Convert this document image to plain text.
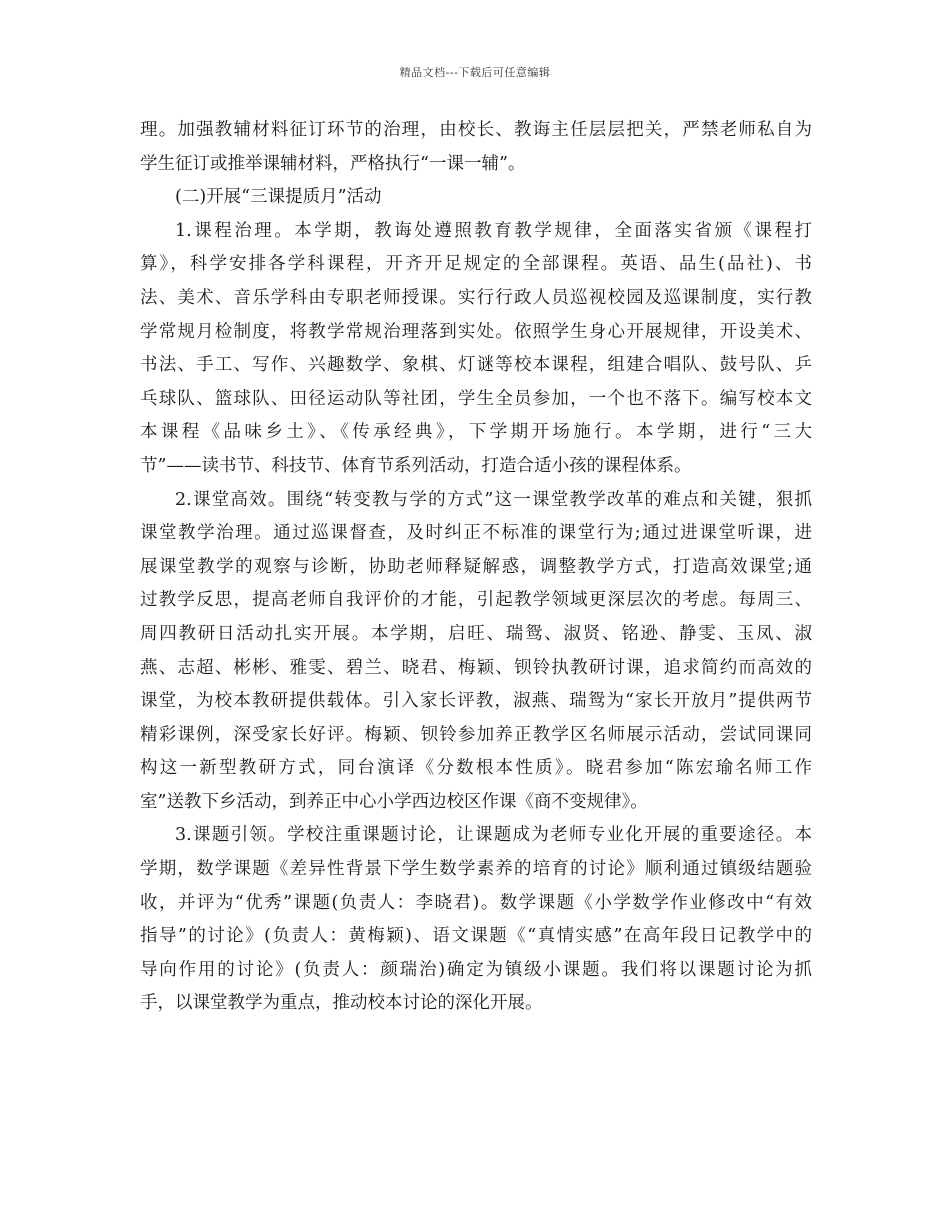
精品文档---下载后可任意编辑
理。加强教辅材料征订环节的治理，由校长、教诲主任层层把关，严禁老师私自为
学生征订或推举课辅材料，严格执行“一课一辅”。
(二)开展“三课提质月”活动
1.课程治理。本学期，教诲处遵照教育教学规律，全面落实省颁《课程打
算》，科学安排各学科课程，开齐开足规定的全部课程。英语、品生(品社)、书
法、美术、音乐学科由专职老师授课。实行行政人员巡视校园及巡课制度，实行教
学常规月检制度，将教学常规治理落到实处。依照学生身心开展规律，开设美术、
书法、手工、写作、兴趣数学、象棋、灯谜等校本课程，组建合唱队、鼓号队、乒
乓球队、篮球队、田径运动队等社团，学生全员参加，一个也不落下。编写校本文
本课程《品味乡土》、《传承经典》，下学期开场施行。本学期，进行“三大
节”——读书节、科技节、体育节系列活动，打造合适小孩的课程体系。
2.课堂高效。围绕“转变教与学的方式”这一课堂教学改革的难点和关键，狠抓
课堂教学治理。通过巡课督查，及时纠正不标准的课堂行为;通过进课堂听课，进
展课堂教学的观察与诊断，协助老师释疑解惑，调整教学方式，打造高效课堂;通
过教学反思，提高老师自我评价的才能，引起教学领域更深层次的考虑。每周三、
周四教研日活动扎实开展。本学期，启旺、瑞鸳、淑贤、铭逊、静雯、玉凤、淑
燕、志超、彬彬、雅雯、碧兰、晓君、梅颖、钡铃执教研讨课，追求简约而高效的
课堂，为校本教研提供载体。引入家长评教，淑燕、瑞鸳为“家长开放月”提供两节
精彩课例，深受家长好评。梅颖、钡铃参加养正教学区名师展示活动，尝试同课同
构这一新型教研方式，同台演译《分数根本性质》。晓君参加“陈宏瑜名师工作
室”送教下乡活动，到养正中心小学西边校区作课《商不变规律》。
3.课题引领。学校注重课题讨论，让课题成为老师专业化开展的重要途径。本
学期，数学课题《差异性背景下学生数学素养的培育的讨论》顺利通过镇级结题验
收，并评为“优秀”课题(负责人：李晓君)。数学课题《小学数学作业修改中“有效
指导”的讨论》(负责人：黄梅颖)、语文课题《“真情实感”在高年段日记教学中的
导向作用的讨论》(负责人：颜瑞治)确定为镇级小课题。我们将以课题讨论为抓
手，以课堂教学为重点，推动校本讨论的深化开展。
